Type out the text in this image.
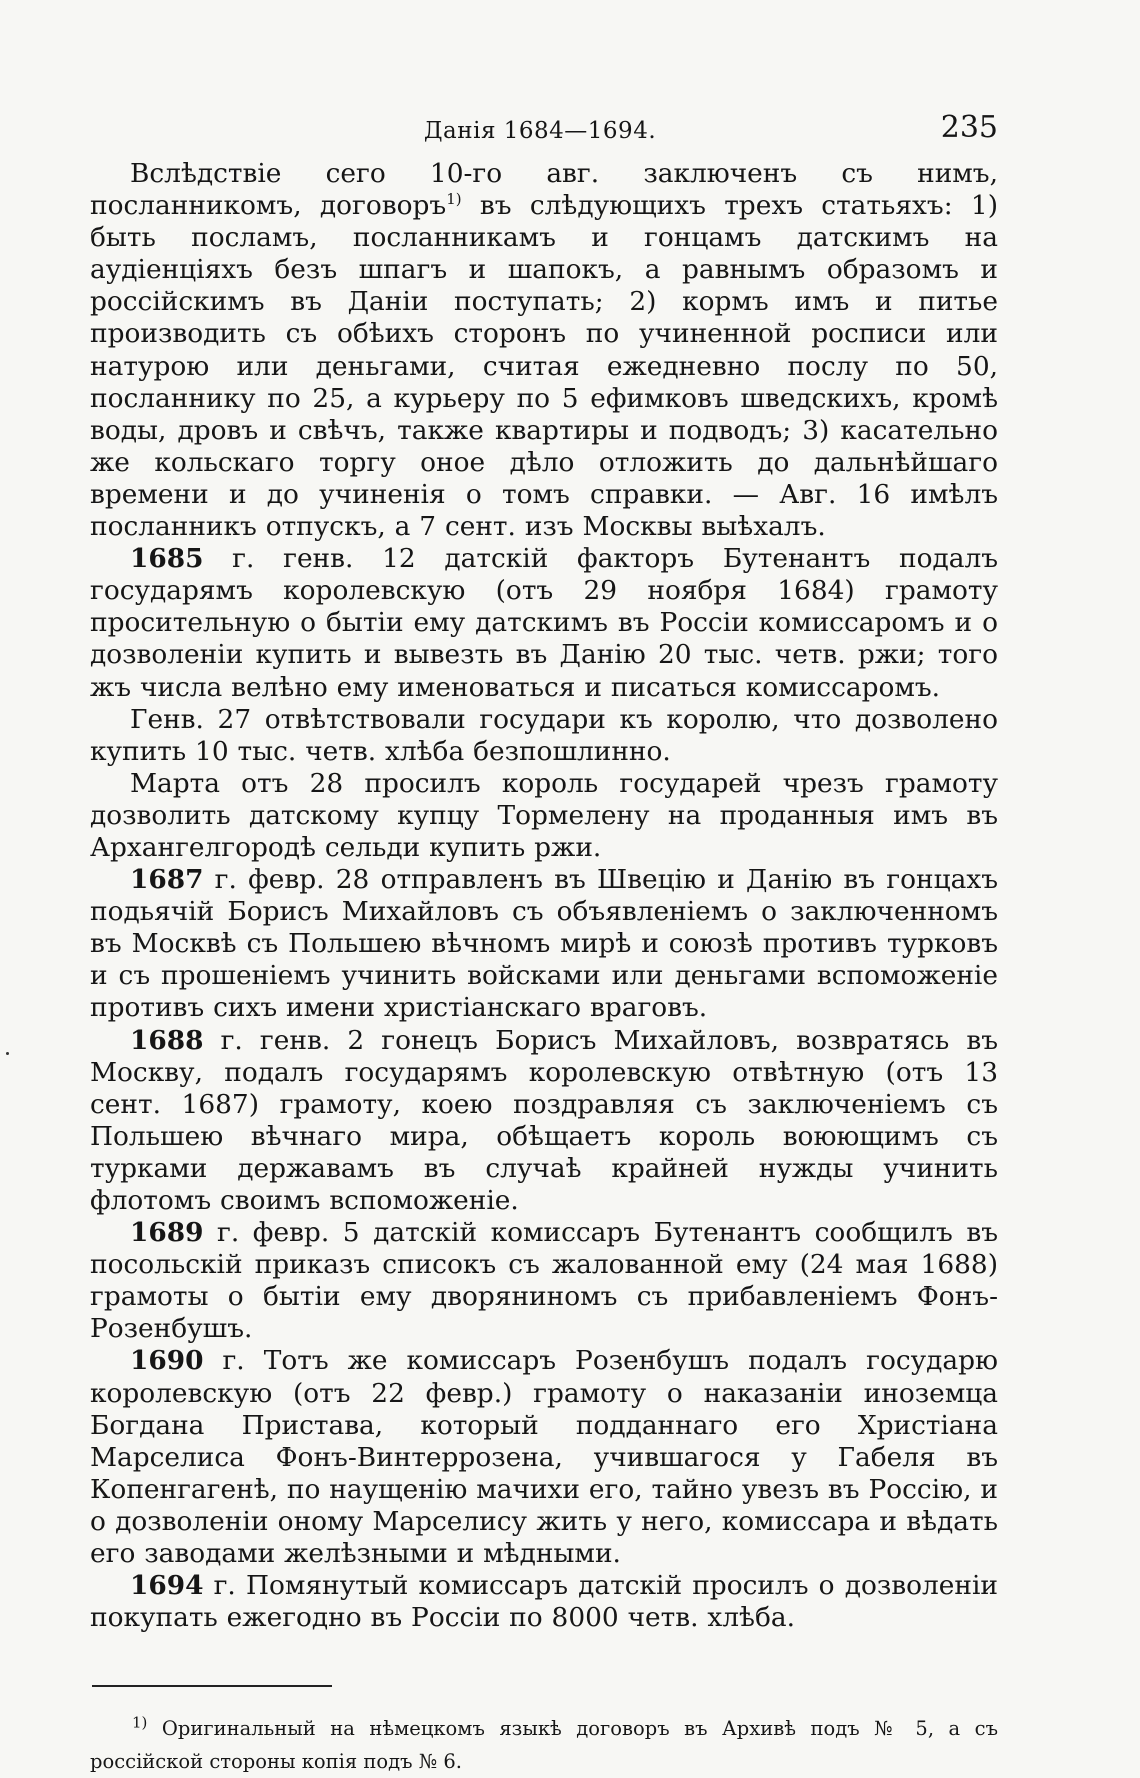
Данія 1684—1694.	235

Вслѣдствіе сего 10-го авг. заключенъ съ нимъ, посланникомъ, договоръ$^{1)}$ въ слѣдующихъ трехъ статьяхъ: 1) быть посламъ, посланникамъ и гонцамъ датскимъ на аудіенціяхъ безъ шпагъ и шапокъ, а равнымъ образомъ и россійскимъ въ Даніи поступать; 2) кормъ имъ и питье производить съ обѣихъ сторонъ по учиненной росписи или натурою или деньгами, считая ежедневно послу по 50, посланнику по 25, а курьеру по 5 ефимковъ шведскихъ, кромѣ воды, дровъ и свѣчъ, также квартиры и подводъ; 3) касательно же кольскаго торгу оное дѣло отложить до дальнѣйшаго времени и до учиненія о томъ справки. — Авг. 16 имѣлъ посланникъ отпускъ, а 7 сент. изъ Москвы выѣхалъ.

1685 г. генв. 12 датскій факторъ Бутенантъ подалъ государямъ королевскую (отъ 29 ноября 1684) грамоту просительную о бытіи ему датскимъ въ Россіи комиссаромъ и о дозволеніи купить и вывезть въ Данію 20 тыс. четв. ржи; того жъ числа велѣно ему именоваться и писаться комиссаромъ.

Генв. 27 отвѣтствовали государи къ королю, что дозволено купить 10 тыс. четв. хлѣба безпошлинно.

Марта отъ 28 просилъ король государей чрезъ грамоту дозволить датскому купцу Тормелену на проданныя имъ въ Архангелгородѣ сельди купить ржи.

1687 г. февр. 28 отправленъ въ Швецію и Данію въ гонцахъ подьячій Борисъ Михайловъ съ объявленіемъ о заключенномъ въ Москвѣ съ Польшею вѣчномъ мирѣ и союзѣ противъ турковъ и съ прошеніемъ учинить войсками или деньгами вспоможеніе противъ сихъ имени христіанскаго враговъ.

1688 г. генв. 2 гонецъ Борисъ Михайловъ, возвратясь въ Москву, подалъ государямъ королевскую отвѣтную (отъ 13 сент. 1687) грамоту, коею поздравляя съ заключеніемъ съ Польшею вѣчнаго мира, обѣщаетъ король воюющимъ съ турками державамъ въ случаѣ крайней нужды учинить флотомъ своимъ вспоможеніе.

1689 г. февр. 5 датскій комиссаръ Бутенантъ сообщилъ въ посольскій приказъ списокъ съ жалованной ему (24 мая 1688) грамоты о бытіи ему дворяниномъ съ прибавленіемъ Фонъ-Розенбушъ.

1690 г. Тотъ же комиссаръ Розенбушъ подалъ государю королевскую (отъ 22 февр.) грамоту о наказаніи иноземца Богдана Пристава, который подданнаго его Христіана Марселиса Фонъ-Винтеррозена, учившагося у Габеля въ Копенгагенѣ, по наущенію мачихи его, тайно увезъ въ Россію, и о дозволеніи оному Марселису жить у него, комиссара и вѣдать его заводами желѣзными и мѣдными.

1694 г. Помянутый комиссаръ датскій просилъ о дозволеніи покупать ежегодно въ Россіи по 8000 четв. хлѣба.

$^{1)}$ Оригинальный на нѣмецкомъ языкѣ договоръ въ Архивѣ подъ № 5, а съ россійской стороны копія подъ № 6.
